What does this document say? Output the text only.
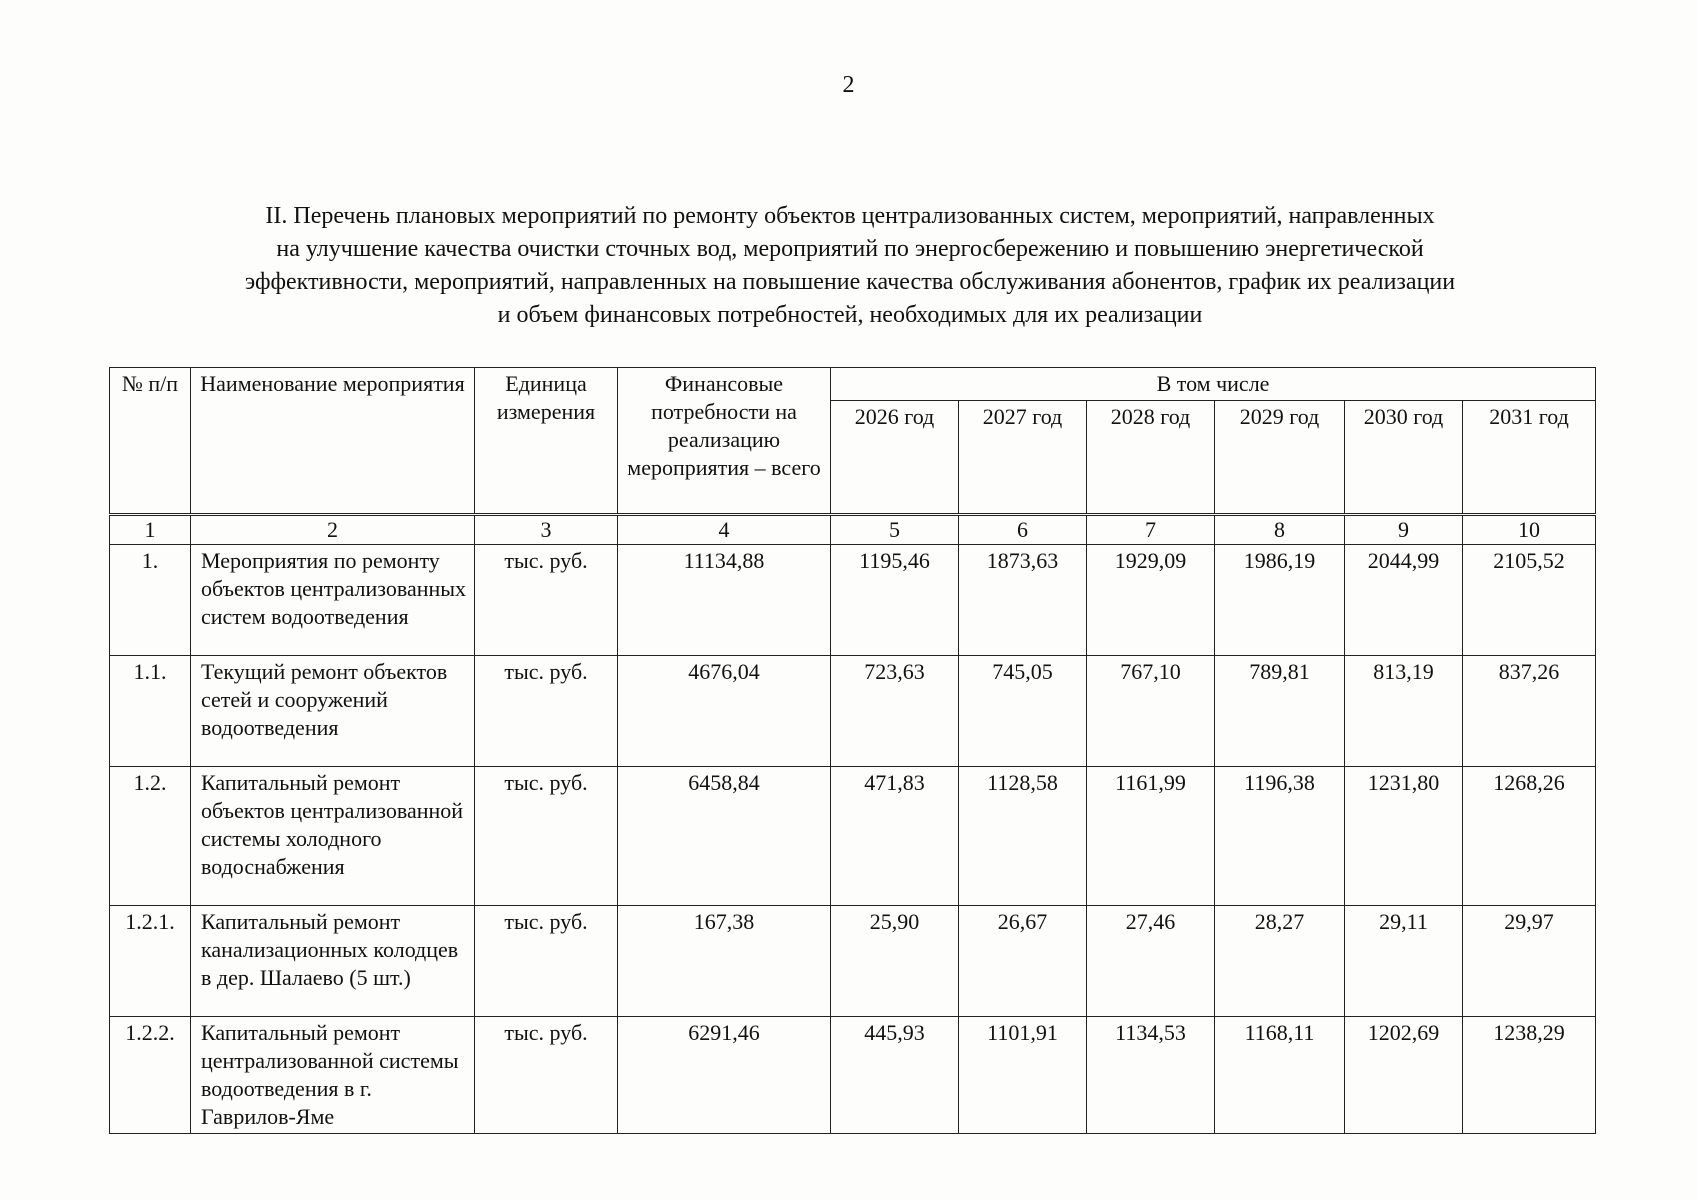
2
II. Перечень плановых мероприятий по ремонту объектов централизованных систем, мероприятий, направленных
на улучшение качества очистки сточных вод, мероприятий по энергосбережению и повышению энергетической
эффективности, мероприятий, направленных на повышение качества обслуживания абонентов, график их реализации
и объем финансовых потребностей, необходимых для их реализации
№ п/п	Наименование мероприятия	Единица измерения	Финансовые потребности на реализацию мероприятия – всего	В том числе					
				2026 год	2027 год	2028 год	2029 год	2030 год	2031 год
1	2	3	4	5	6	7	8	9	10
1.	Мероприятия по ремонту объектов централизованных систем водоотведения	тыс. руб.	11134,88	1195,46	1873,63	1929,09	1986,19	2044,99	2105,52
1.1.	Текущий ремонт объектов сетей и сооружений водоотведения	тыс. руб.	4676,04	723,63	745,05	767,10	789,81	813,19	837,26
1.2.	Капитальный ремонт объектов централизованной системы холодного водоснабжения	тыс. руб.	6458,84	471,83	1128,58	1161,99	1196,38	1231,80	1268,26
1.2.1.	Капитальный ремонт канализационных колодцев в дер. Шалаево (5 шт.)	тыс. руб.	167,38	25,90	26,67	27,46	28,27	29,11	29,97
1.2.2.	Капитальный ремонт централизованной системы водоотведения в г. Гаврилов-Яме	тыс. руб.	6291,46	445,93	1101,91	1134,53	1168,11	1202,69	1238,29
